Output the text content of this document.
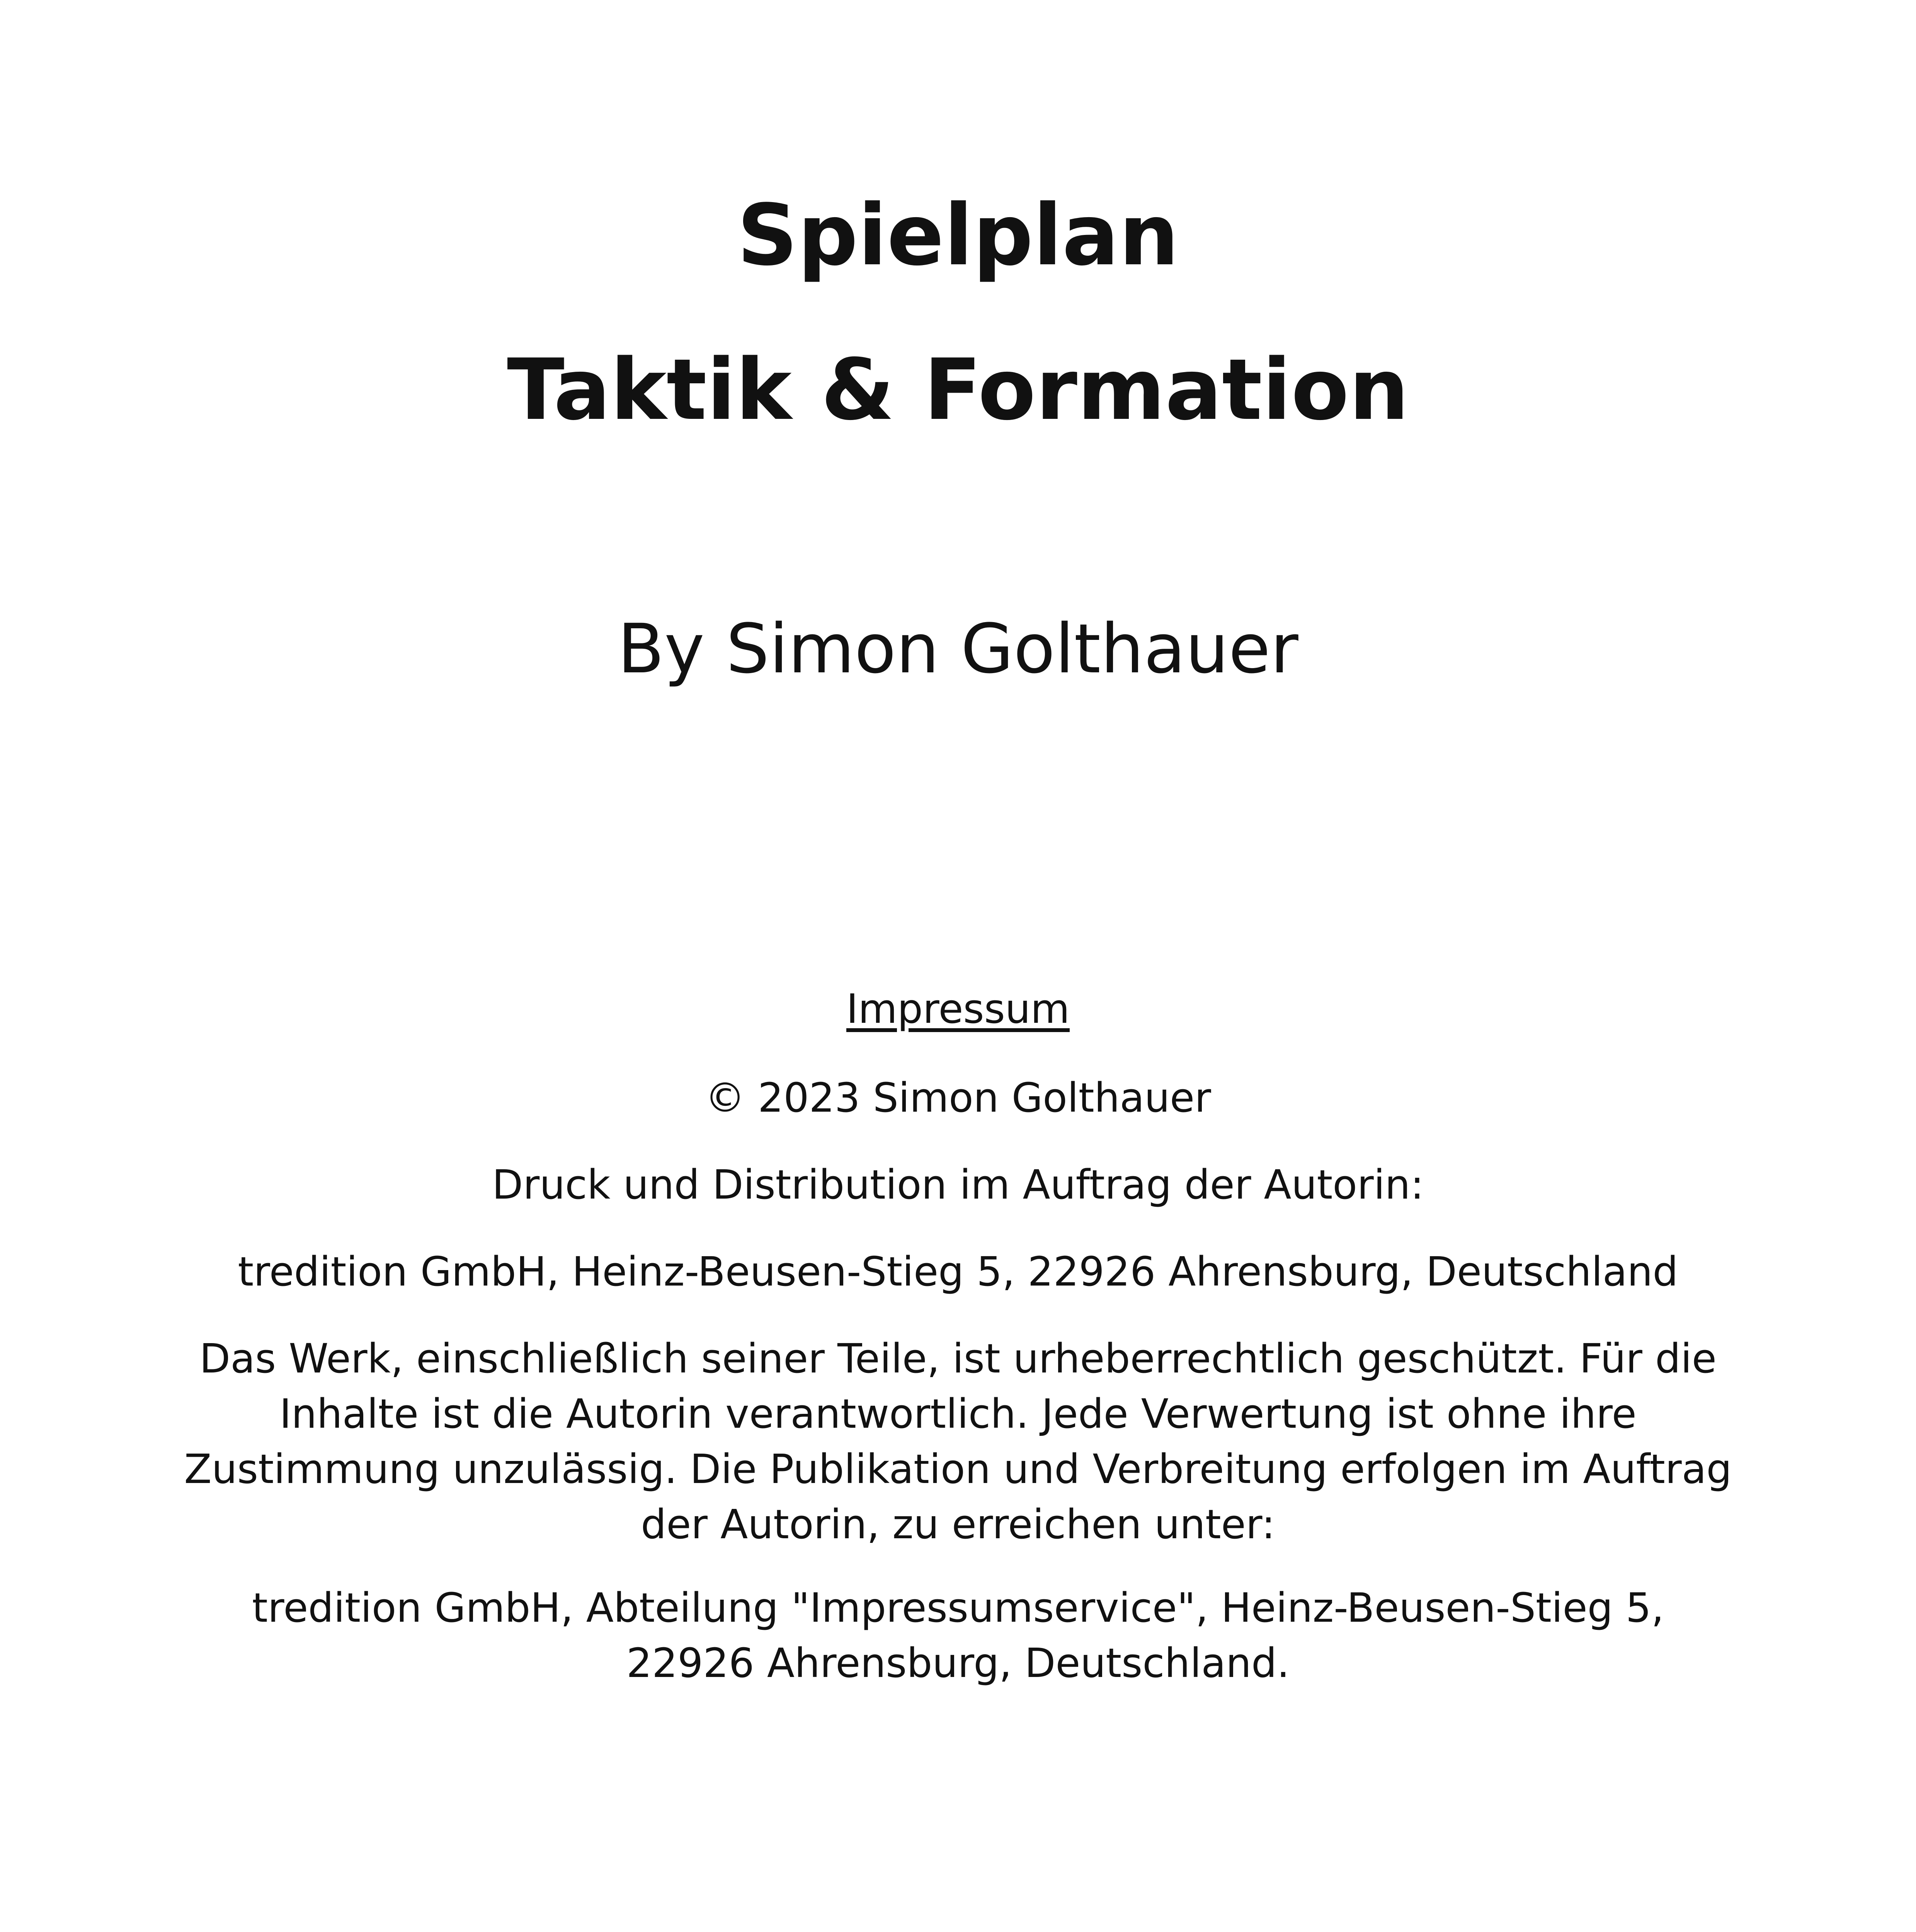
Spielplan
Taktik & Formation
By Simon Golthauer
Impressum
© 2023 Simon Golthauer
Druck und Distribution im Auftrag der Autorin:
tredition GmbH, Heinz-Beusen-Stieg 5, 22926 Ahrensburg, Deutschland
Das Werk, einschließlich seiner Teile, ist urheberrechtlich geschützt. Für die Inhalte ist die Autorin verantwortlich. Jede Verwertung ist ohne ihre Zustimmung unzulässig. Die Publikation und Verbreitung erfolgen im Auftrag der Autorin, zu erreichen unter:
tredition GmbH, Abteilung "Impressumservice", Heinz-Beusen-Stieg 5, 22926 Ahrensburg, Deutschland.
